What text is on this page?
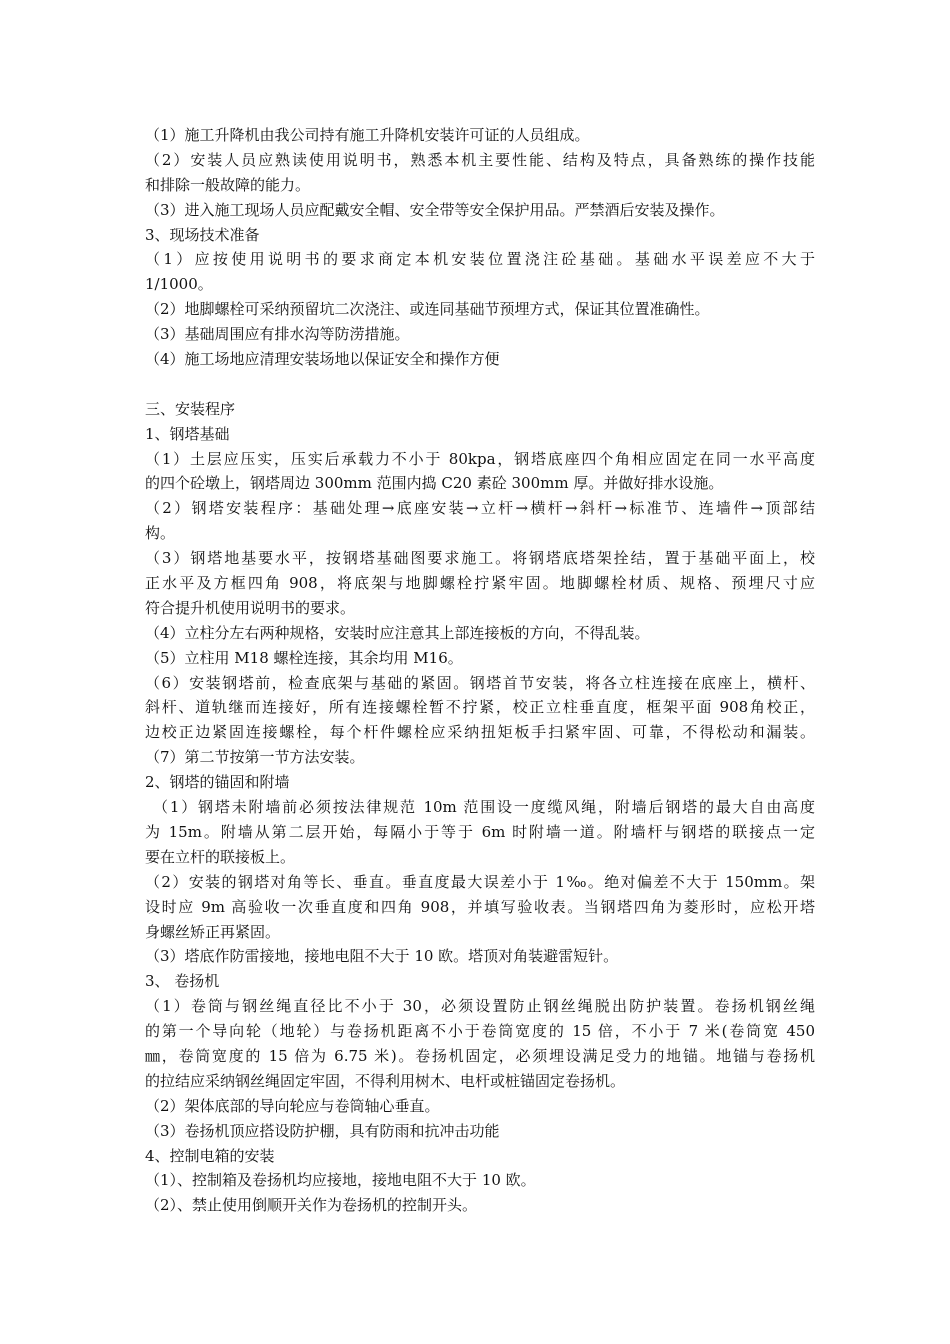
（1）施工升降机由我公司持有施工升降机安装许可证的人员组成。
（2）安装人员应熟读使用说明书，熟悉本机主要性能、结构及特点，具备熟练的操作技能
和排除一般故障的能力。
（3）进入施工现场人员应配戴安全帽、安全带等安全保护用品。严禁酒后安装及操作。
3、现场技术准备
（1）应按使用说明书的要求商定本机安装位置浇注砼基础。基础水平误差应不大于
1/1000。
（2）地脚螺栓可采纳预留坑二次浇注、或连同基础节预埋方式，保证其位置准确性。
（3）基础周围应有排水沟等防涝措施。
（4）施工场地应清理安装场地以保证安全和操作方便
三、安装程序
1、钢塔基础
（1）土层应压实，压实后承载力不小于 80kpa，钢塔底座四个角相应固定在同一水平高度
的四个砼墩上，钢塔周边 300mm 范围内捣 C20 素砼 300mm 厚。并做好排水设施。
（2）钢塔安装程序：基础处理→底座安装→立杆→横杆→斜杆→标准节、连墙件→顶部结
构。
（3）钢塔地基要水平，按钢塔基础图要求施工。将钢塔底塔架拴结，置于基础平面上，校
正水平及方框四角 908，将底架与地脚螺栓拧紧牢固。地脚螺栓材质、规格、预埋尺寸应
符合提升机使用说明书的要求。
（4）立柱分左右两种规格，安装时应注意其上部连接板的方向，不得乱装。
（5）立柱用 M18 螺栓连接，其余均用 M16。
（6）安装钢塔前，检查底架与基础的紧固。钢塔首节安装，将各立柱连接在底座上，横杆、
斜杆、道轨继而连接好，所有连接螺栓暂不拧紧，校正立柱垂直度，框架平面 908角校正，
边校正边紧固连接螺栓，每个杆件螺栓应采纳扭矩板手扫紧牢固、可靠，不得松动和漏装。
（7）第二节按第一节方法安装。
2、钢塔的锚固和附墙
（1）钢塔未附墙前必须按法律规范 10m 范围设一度缆风绳，附墙后钢塔的最大自由高度
为 15m。附墙从第二层开始，每隔小于等于 6m 时附墙一道。附墙杆与钢塔的联接点一定
要在立杆的联接板上。
（2）安装的钢塔对角等长、垂直。垂直度最大误差小于 1‰。绝对偏差不大于 150mm。架
设时应 9m 高验收一次垂直度和四角 908，并填写验收表。当钢塔四角为菱形时，应松开塔
身螺丝矫正再紧固。
（3）塔底作防雷接地，接地电阻不大于 10 欧。塔顶对角装避雷短针。
3、 卷扬机
（1）卷筒与钢丝绳直径比不小于 30，必须设置防止钢丝绳脱出防护装置。卷扬机钢丝绳
的第一个导向轮（地轮）与卷扬机距离不小于卷筒宽度的 15 倍，不小于 7 米(卷筒宽 450
㎜，卷筒宽度的 15 倍为 6.75 米)。卷扬机固定，必须埋设满足受力的地锚。地锚与卷扬机
的拉结应采纳钢丝绳固定牢固，不得利用树木、电杆或桩锚固定卷扬机。
（2）架体底部的导向轮应与卷筒轴心垂直。
（3）卷扬机顶应搭设防护棚，具有防雨和抗冲击功能
4、控制电箱的安装
（1）、控制箱及卷扬机均应接地，接地电阻不大于 10 欧。
（2）、禁止使用倒顺开关作为卷扬机的控制开头。
